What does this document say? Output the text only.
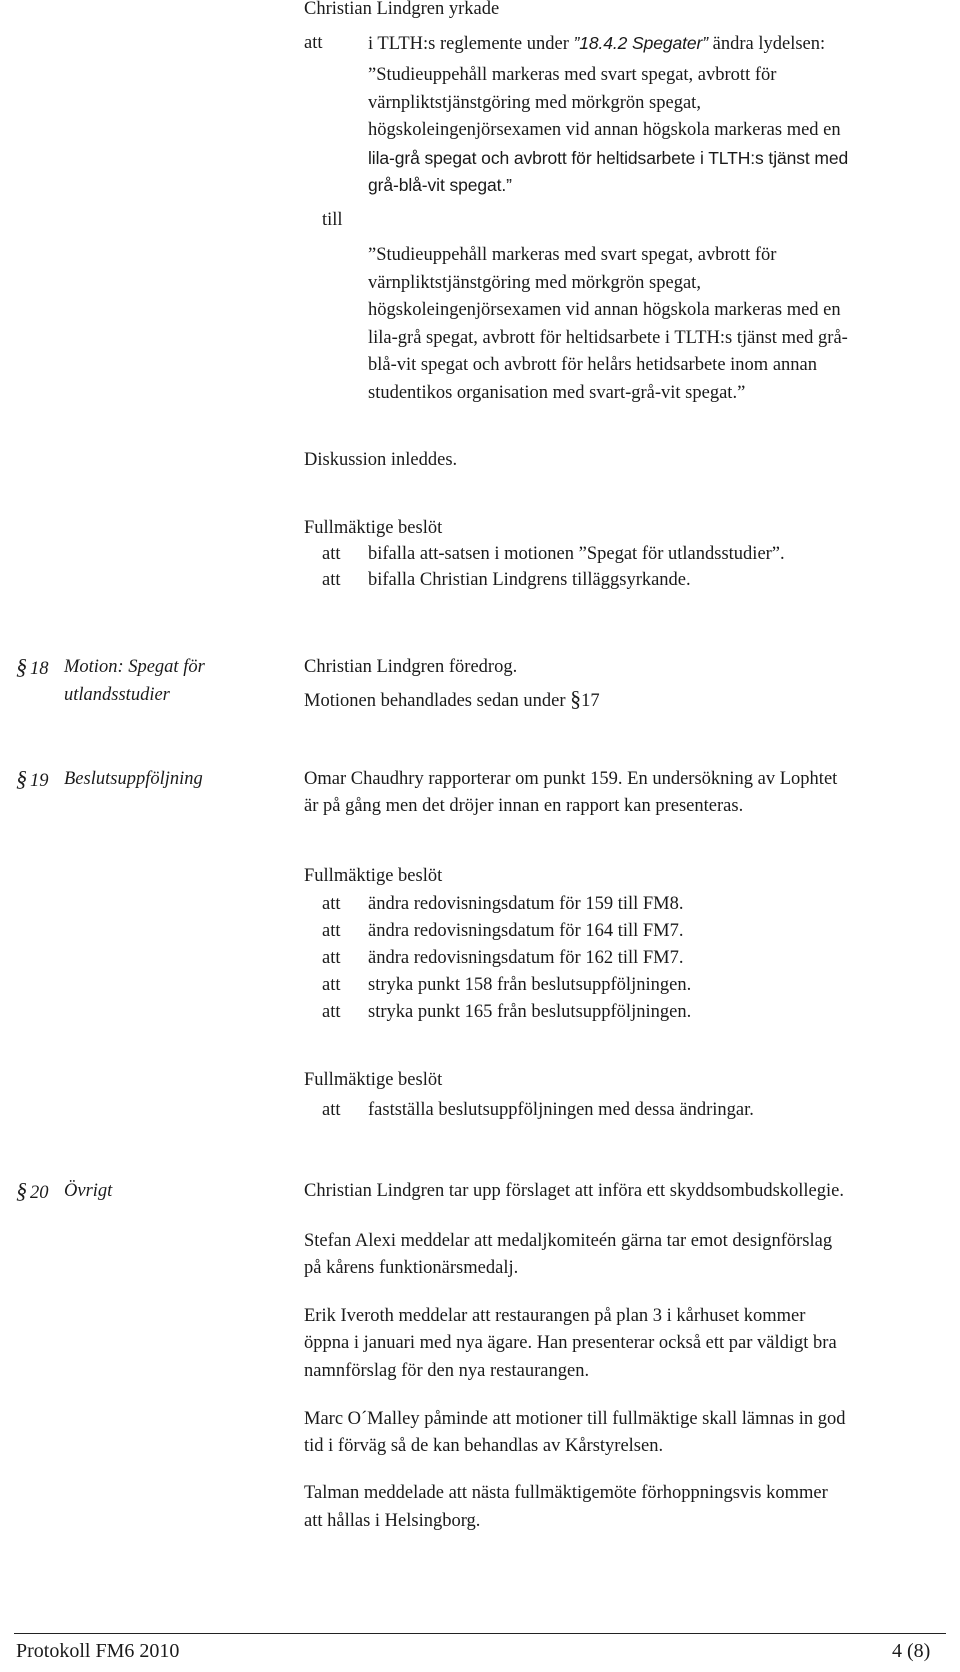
Christian Lindgren yrkade
att i TLTH:s reglemente under ”18.4.2 Spegater” ändra lydelsen:
”Studieuppehåll markeras med svart spegat, avbrott för
värnpliktstjänstgöring med mörkgrön spegat,
högskoleingenjörsexamen vid annan högskola markeras med en
lila-grå spegat och avbrott för heltidsarbete i TLTH:s tjänst med
grå-blå-vit spegat.”
till
”Studieuppehåll markeras med svart spegat, avbrott för
värnpliktstjänstgöring med mörkgrön spegat,
högskoleingenjörsexamen vid annan högskola markeras med en
lila-grå spegat, avbrott för heltidsarbete i TLTH:s tjänst med grå-
blå-vit spegat och avbrott för helårs hetidsarbete inom annan
studentikos organisation med svart-grå-vit spegat.”
Diskussion inleddes.
Fullmäktige beslöt
att bifalla att-satsen i motionen ”Spegat för utlandsstudier”.
att bifalla Christian Lindgrens tilläggsyrkande.
§ 18 Motion: Spegat för
utlandsstudier
Christian Lindgren föredrog.
Motionen behandlades sedan under §17
§ 19 Beslutsuppföljning	Omar Chaudhry rapporterar om punkt 159. En undersökning av Lophtet
är på gång men det dröjer innan en rapport kan presenteras.
Fullmäktige beslöt
att ändra redovisningsdatum för 159 till FM8.
att ändra redovisningsdatum för 164 till FM7.
att ändra redovisningsdatum för 162 till FM7.
att stryka punkt 158 från beslutsuppföljningen.
att stryka punkt 165 från beslutsuppföljningen.
Fullmäktige beslöt
att fastställa beslutsuppföljningen med dessa ändringar.
§ 20 Övrigt	Christian Lindgren tar upp förslaget att införa ett skyddsombudskollegie.
Stefan Alexi meddelar att medaljkomiteén gärna tar emot designförslag
på kårens funktionärsmedalj.
Erik Iveroth meddelar att restaurangen på plan 3 i kårhuset kommer
öppna i januari med nya ägare. Han presenterar också ett par väldigt bra
namnförslag för den nya restaurangen.
Marc O´Malley påminde att motioner till fullmäktige skall lämnas in god
tid i förväg så de kan behandlas av Kårstyrelsen.
Talman meddelade att nästa fullmäktigemöte förhoppningsvis kommer
att hållas i Helsingborg.
Protokoll FM6 2010	4 (8)
